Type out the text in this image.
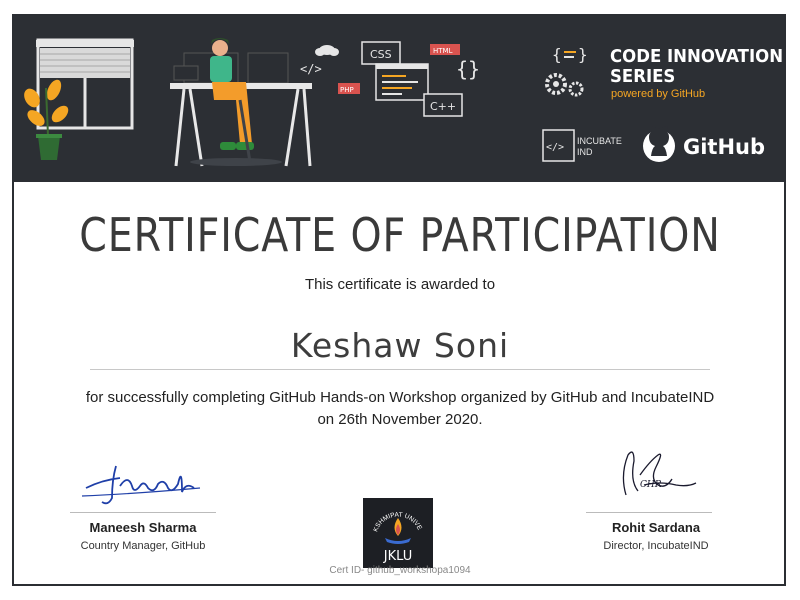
</>
CSS	HTML
{}
PHP
C++
{ } CODE INNOVATION
SERIES
powered by GitHub
</>
INCUBATE
IND	GitHub
CERTIFICATE OF PARTICIPATION
This certificate is awarded to
Keshaw Soni
for successfully completing GitHub Hands-on Workshop organized by GitHub and IncubateIND
on 26th November 2020.
Maneesh Sharma
Country Manager, GitHub
CHR
Rohit Sardana
Director, IncubateIND
KSHMIPAT UNIVE
JKLU
Cert ID- github_workshopa1094
